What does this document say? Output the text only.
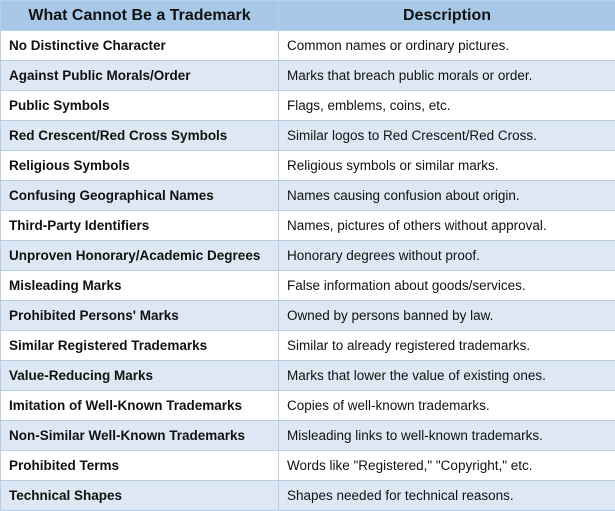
What Cannot Be a Trademark	Description
No Distinctive Character	Common names or ordinary pictures.
Against Public Morals/Order	Marks that breach public morals or order.
Public Symbols	Flags, emblems, coins, etc.
Red Crescent/Red Cross Symbols	Similar logos to Red Crescent/Red Cross.
Religious Symbols	Religious symbols or similar marks.
Confusing Geographical Names	Names causing confusion about origin.
Third-Party Identifiers	Names, pictures of others without approval.
Unproven Honorary/Academic Degrees	Honorary degrees without proof.
Misleading Marks	False information about goods/services.
Prohibited Persons' Marks	Owned by persons banned by law.
Similar Registered Trademarks	Similar to already registered trademarks.
Value-Reducing Marks	Marks that lower the value of existing ones.
Imitation of Well-Known Trademarks	Copies of well-known trademarks.
Non-Similar Well-Known Trademarks	Misleading links to well-known trademarks.
Prohibited Terms	Words like "Registered," "Copyright," etc.
Technical Shapes	Shapes needed for technical reasons.
